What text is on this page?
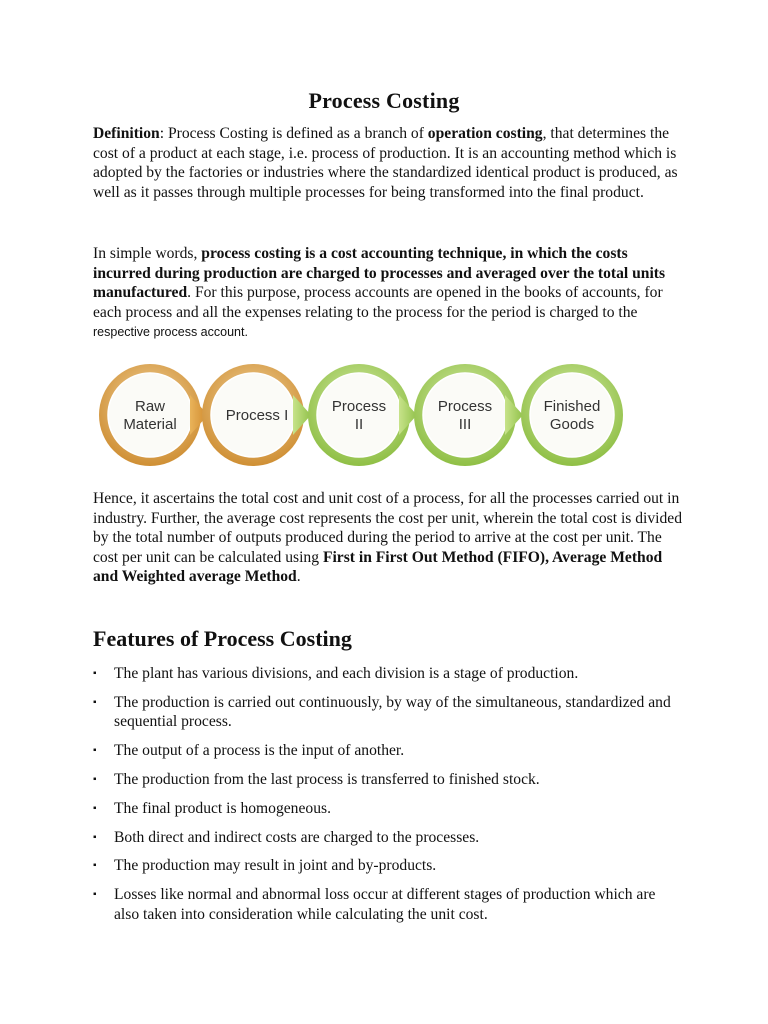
Process Costing

Definition: Process Costing is defined as a branch of operation costing, that determines the cost of a product at each stage, i.e. process of production. It is an accounting method which is adopted by the factories or industries where the standardized identical product is produced, as well as it passes through multiple processes for being transformed into the final product.

In simple words, process costing is a cost accounting technique, in which the costs incurred during production are charged to processes and averaged over the total units manufactured. For this purpose, process accounts are opened in the books of accounts, for each process and all the expenses relating to the process for the period is charged to the respective process account.

Raw
Material
Process I
Process
II
Process
III
Finished
Goods

Hence, it ascertains the total cost and unit cost of a process, for all the processes carried out in industry. Further, the average cost represents the cost per unit, wherein the total cost is divided by the total number of outputs produced during the period to arrive at the cost per unit. The cost per unit can be calculated using First in First Out Method (FIFO), Average Method and Weighted average Method.

Features of Process Costing
▪ The plant has various divisions, and each division is a stage of production.
▪ The production is carried out continuously, by way of the simultaneous, standardized and sequential process.
▪ The output of a process is the input of another.
▪ The production from the last process is transferred to finished stock.
▪ The final product is homogeneous.
▪ Both direct and indirect costs are charged to the processes.
▪ The production may result in joint and by-products.
▪ Losses like normal and abnormal loss occur at different stages of production which are also taken into consideration while calculating the unit cost.
